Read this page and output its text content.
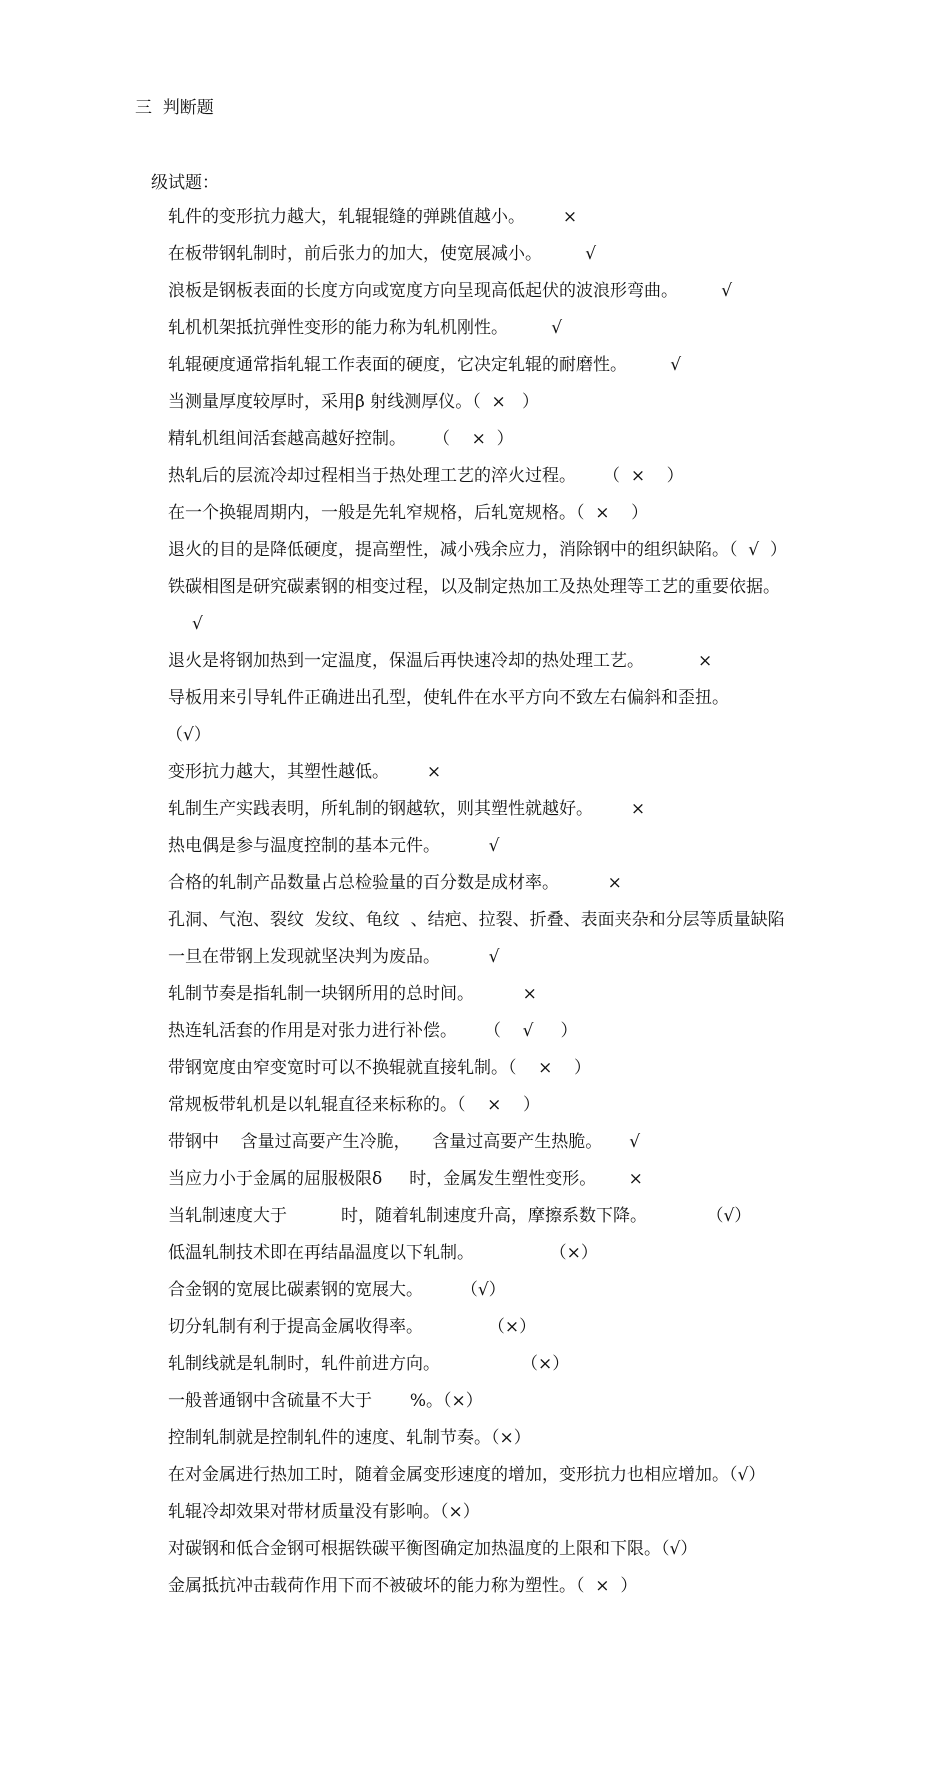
三  判断题
级试题：
轧件的变形抗力越大，轧辊辊缝的弹跳值越小。       ×
在板带钢轧制时，前后张力的加大，使宽展减小。        √
浪板是钢板表面的长度方向或宽度方向呈现高低起伏的波浪形弯曲。        √
轧机机架抵抗弹性变形的能力称为轧机刚性。        √
轧辊硬度通常指轧辊工作表面的硬度，它决定轧辊的耐磨性。        √
当测量厚度较厚时，采用β 射线测厚仪。（  ×   ）
精轧机组间活套越高越好控制。     （    ×  ）
热轧后的层流冷却过程相当于热处理工艺的淬火过程。     （  ×    ）
在一个换辊周期内，一般是先轧窄规格，后轧宽规格。（  ×    ）
退火的目的是降低硬度，提高塑性，减小残余应力，消除钢中的组织缺陷。（  √  ）
铁碳相图是研究碳素钢的相变过程，以及制定热加工及热处理等工艺的重要依据。
√
退火是将钢加热到一定温度，保温后再快速冷却的热处理工艺。          ×
导板用来引导轧件正确进出孔型，使轧件在水平方向不致左右偏斜和歪扭。
（√）
变形抗力越大，其塑性越低。       ×
轧制生产实践表明，所轧制的钢越软，则其塑性就越好。       ×
热电偶是参与温度控制的基本元件。         √
合格的轧制产品数量占总检验量的百分数是成材率。         ×
孔洞、气泡、裂纹  发纹、龟纹  、结疤、拉裂、折叠、表面夹杂和分层等质量缺陷
一旦在带钢上发现就坚决判为废品。         √
轧制节奏是指轧制一块钢所用的总时间。         ×
热连轧活套的作用是对张力进行补偿。     （    √     ）
带钢宽度由窄变宽时可以不换辊就直接轧制。（    ×    ）
常规板带轧机是以轧辊直径来标称的。（    ×    ）
带钢中    含量过高要产生冷脆，    含量过高要产生热脆。     √
当应力小于金属的屈服极限δ     时，金属发生塑性变形。      ×
当轧制速度大于          时，随着轧制速度升高，摩擦系数下降。           （√）
低温轧制技术即在再结晶温度以下轧制。              （×）
合金钢的宽展比碳素钢的宽展大。       （√）
切分轧制有利于提高金属收得率。            （×）
轧制线就是轧制时，轧件前进方向。               （×）
一般普通钢中含硫量不大于       %。（×）
控制轧制就是控制轧件的速度、轧制节奏。（×）
在对金属进行热加工时，随着金属变形速度的增加，变形抗力也相应增加。（√）
轧辊冷却效果对带材质量没有影响。（×）
对碳钢和低合金钢可根据铁碳平衡图确定加热温度的上限和下限。（√）
金属抵抗冲击载荷作用下而不被破坏的能力称为塑性。（  ×  ）
